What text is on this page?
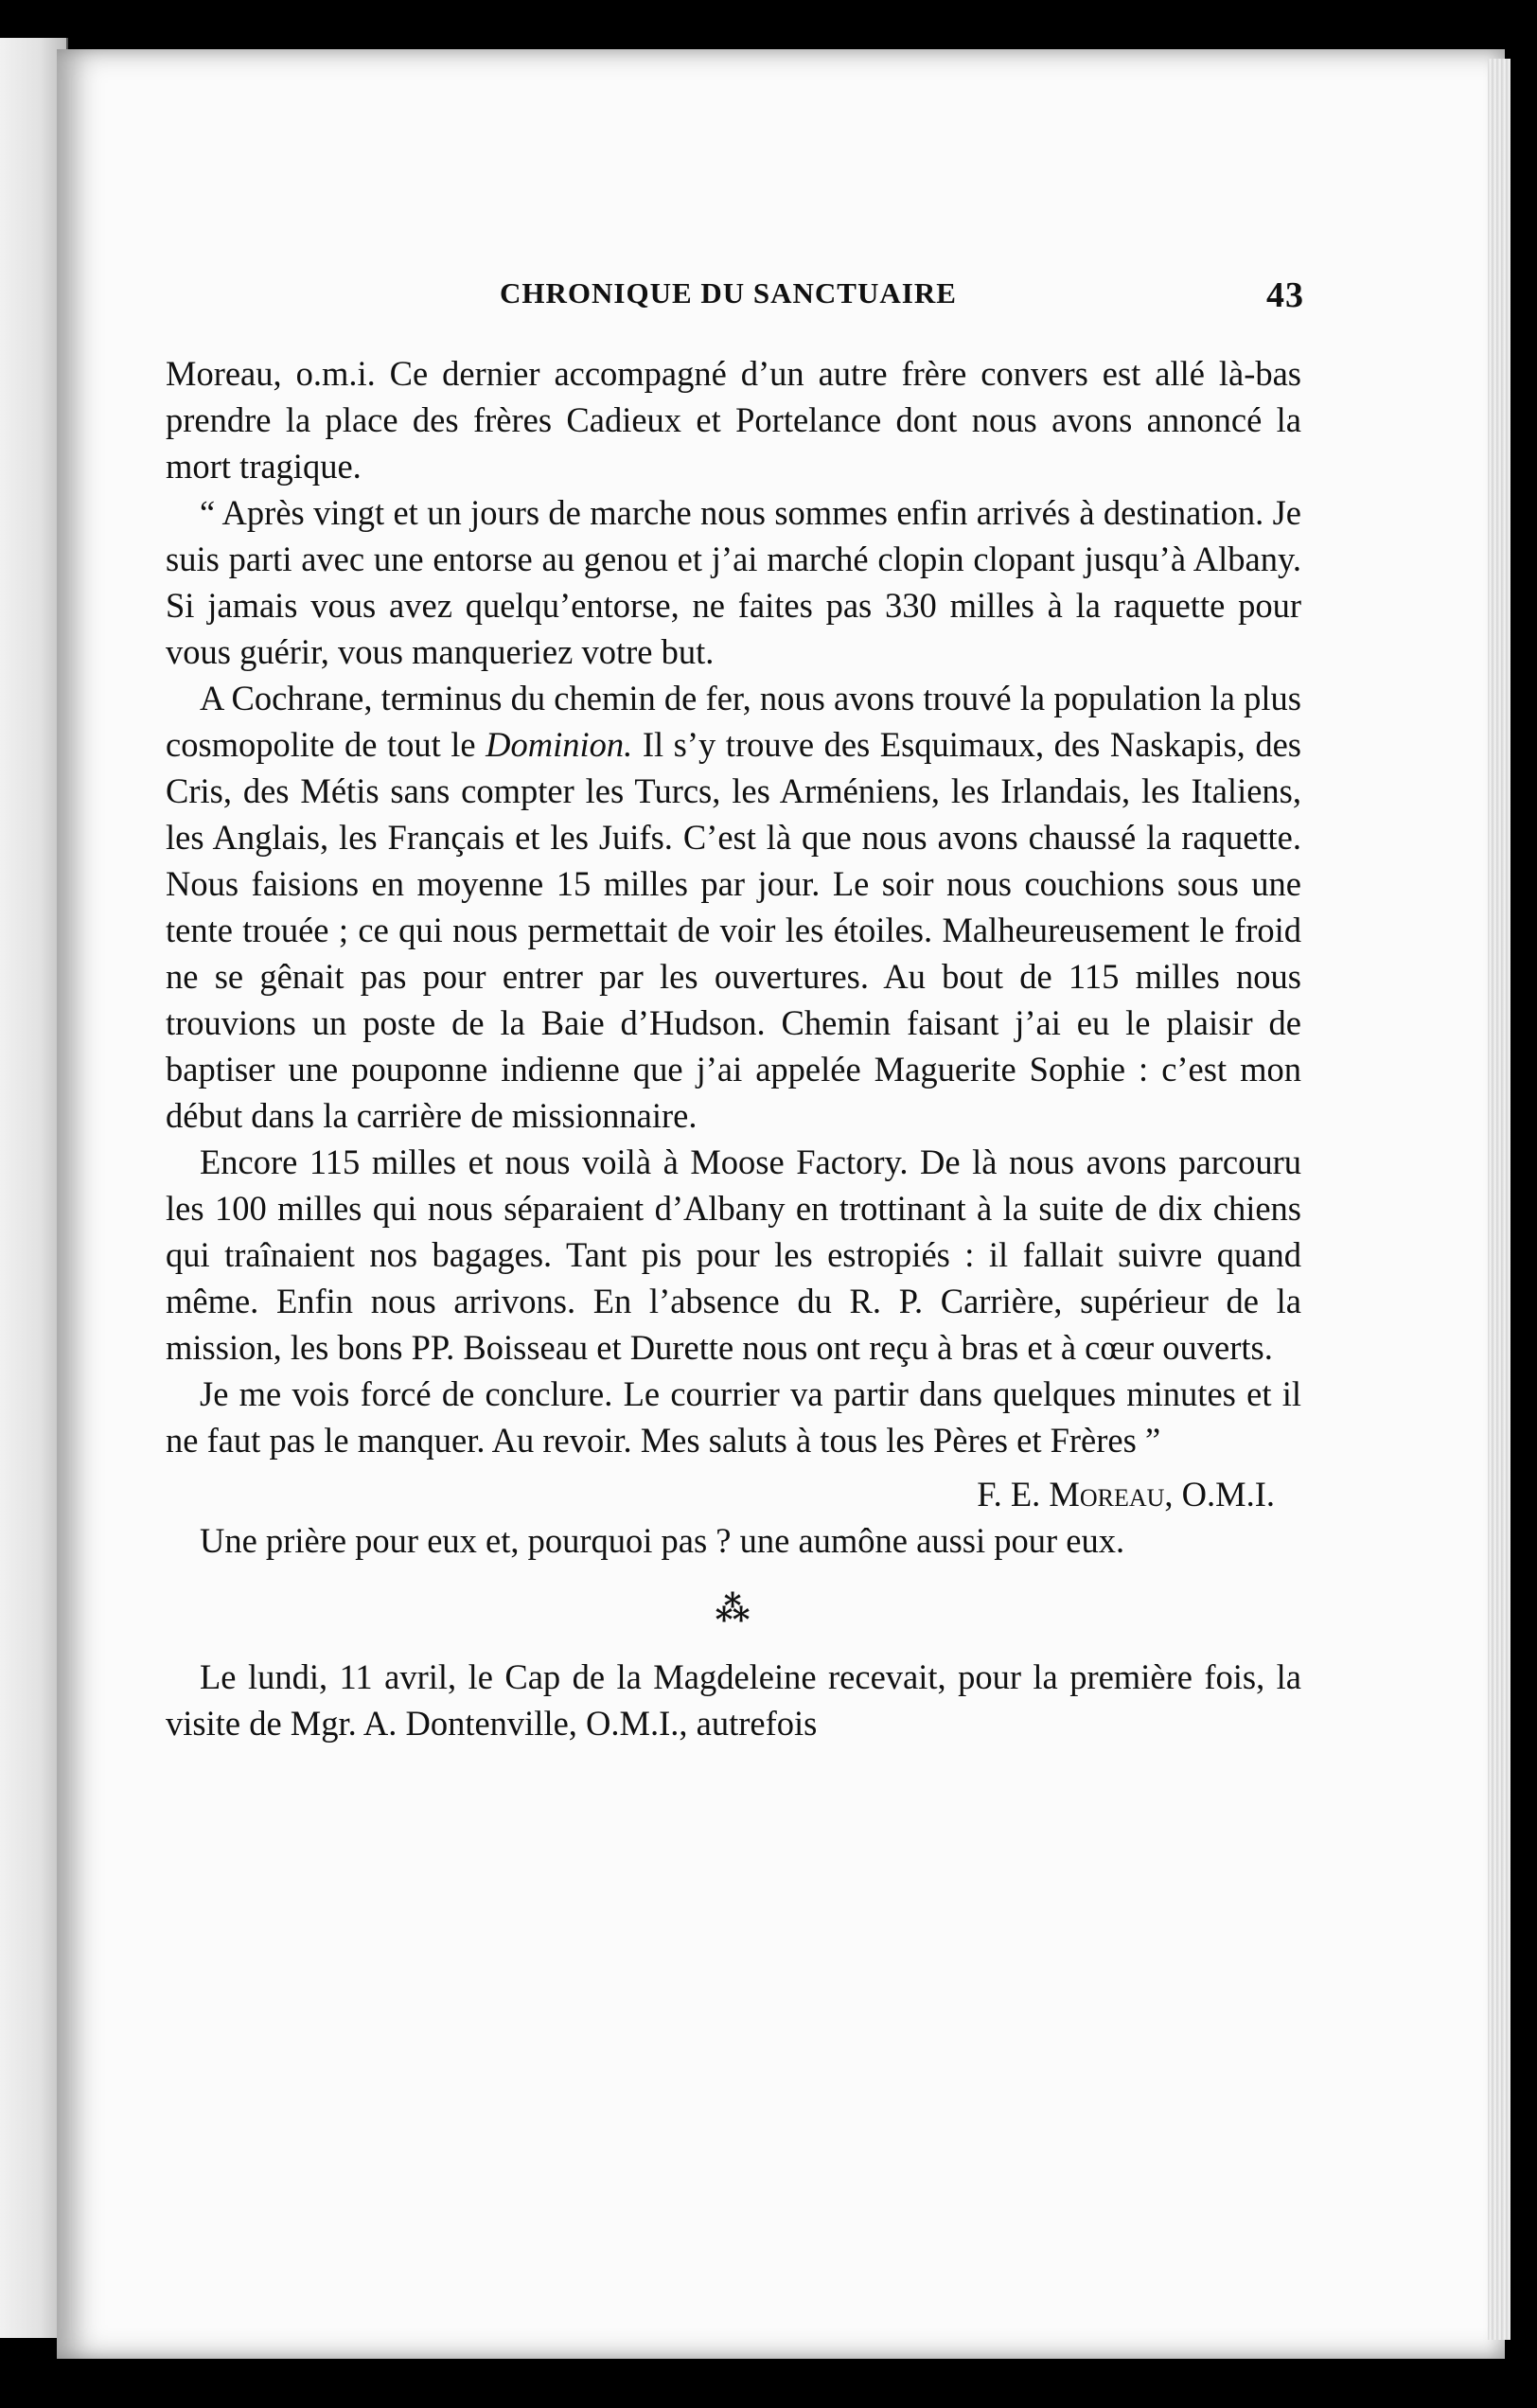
CHRONIQUE DU SANCTUAIRE	43

Moreau, o.m.i. Ce dernier accompagné d’un autre frère convers est allé là-bas prendre la place des frères Cadieux et Portelance dont nous avons annoncé la mort tragique.

“ Après vingt et un jours de marche nous sommes enfin arrivés à destination. Je suis parti avec une entorse au genou et j’ai marché clopin clopant jusqu’à Albany. Si jamais vous avez quelqu’entorse, ne faites pas 330 milles à la raquette pour vous guérir, vous manqueriez votre but.

A Cochrane, terminus du chemin de fer, nous avons trouvé la population la plus cosmopolite de tout le Dominion. Il s’y trouve des Esquimaux, des Naskapis, des Cris, des Métis sans compter les Turcs, les Arméniens, les Irlandais, les Italiens, les Anglais, les Français et les Juifs. C’est là que nous avons chaussé la raquette. Nous faisions en moyenne 15 milles par jour. Le soir nous couchions sous une tente trouée ; ce qui nous permettait de voir les étoiles. Malheureusement le froid ne se gênait pas pour entrer par les ouvertures. Au bout de 115 milles nous trouvions un poste de la Baie d’Hudson. Chemin faisant j’ai eu le plaisir de baptiser une pouponne indienne que j’ai appelée Maguerite Sophie : c’est mon début dans la carrière de missionnaire.

Encore 115 milles et nous voilà à Moose Factory. De là nous avons parcouru les 100 milles qui nous séparaient d’Albany en trottinant à la suite de dix chiens qui traînaient nos bagages. Tant pis pour les estropiés : il fallait suivre quand même. Enfin nous arrivons. En l’absence du R. P. Carrière, supérieur de la mission, les bons PP. Boisseau et Durette nous ont reçu à bras et à cœur ouverts.

Je me vois forcé de conclure. Le courrier va partir dans quelques minutes et il ne faut pas le manquer. Au revoir. Mes saluts à tous les Pères et Frères ”

F. E. Moreau, O.M.I.

Une prière pour eux et, pourquoi pas ? une aumône aussi pour eux.

⁂

Le lundi, 11 avril, le Cap de la Magdeleine recevait, pour la première fois, la visite de Mgr. A. Dontenville, O.M.I., autrefois
